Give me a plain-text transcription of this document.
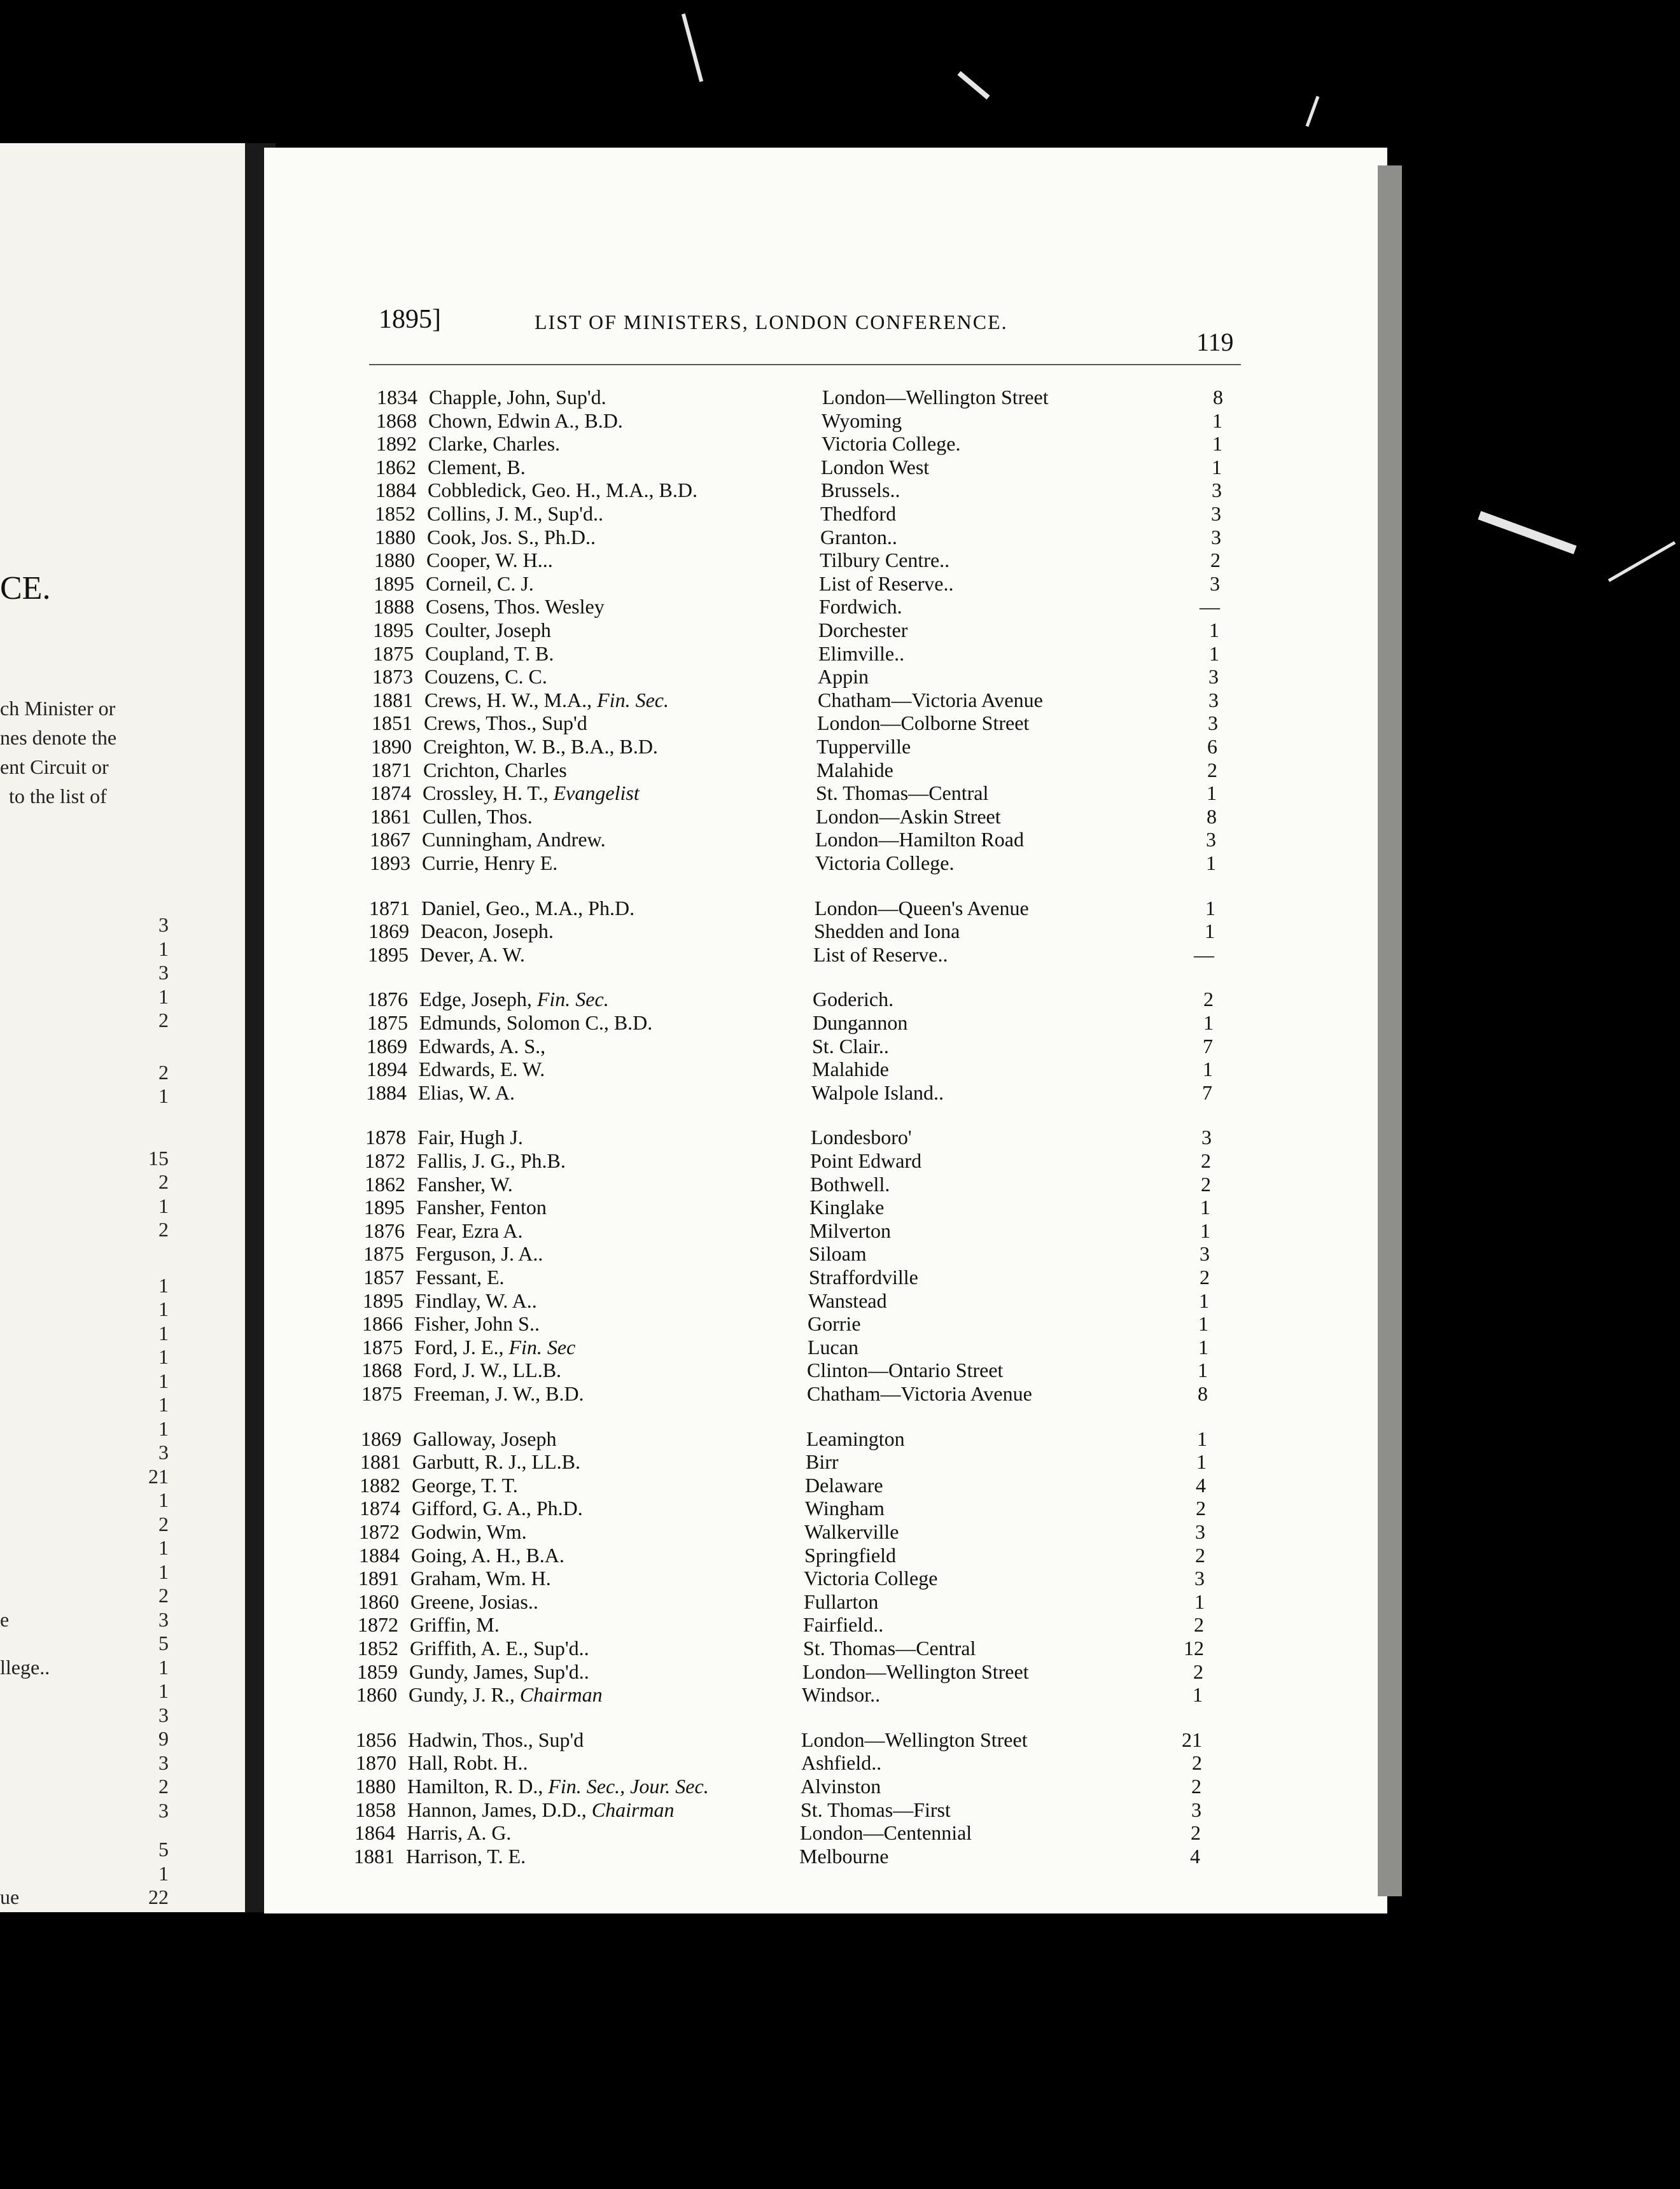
CE.
ch Minister or
nes denote the
ent Circuit or
to the list of
3
1
3
1
2
2
1
15
2
1
2
1
1
1
1
1
1
1
3
21
1
2
1
1
2
3
5
1
1
3
9
3
2
3
5
1
22
e
llege..
ue
1895]	LIST OF MINISTERS, LONDON CONFERENCE.
119
1834 Chapple, John, Sup'd.	London—Wellington Street	8
1868 Chown, Edwin A., B.D.	Wyoming	1
1892 Clarke, Charles.	Victoria College.	1
1862 Clement, B.	London West	1
1884 Cobbledick, Geo. H., M.A., B.D.	Brussels..	3
1852 Collins, J. M., Sup'd..	Thedford	3
1880 Cook, Jos. S., Ph.D..	Granton..	3
1880 Cooper, W. H...	Tilbury Centre..	2
1895 Corneil, C. J.	List of Reserve..	3
1888 Cosens, Thos. Wesley	Fordwich.	—
1895 Coulter, Joseph	Dorchester	1
1875 Coupland, T. B.	Elimville..	1
1873 Couzens, C. C.	Appin	3
1881 Crews, H. W., M.A., Fin. Sec.	Chatham—Victoria Avenue	3
1851 Crews, Thos., Sup'd	London—Colborne Street	3
1890 Creighton, W. B., B.A., B.D.	Tupperville	6
1871 Crichton, Charles	Malahide	2
1874 Crossley, H. T., Evangelist	St. Thomas—Central	1
1861 Cullen, Thos.	London—Askin Street	8
1867 Cunningham, Andrew.	London—Hamilton Road	3
1893 Currie, Henry E.	Victoria College.	1
1871 Daniel, Geo., M.A., Ph.D.	London—Queen's Avenue	1
1869 Deacon, Joseph.	Shedden and Iona	1
1895 Dever, A. W.	List of Reserve..	—
1876 Edge, Joseph, Fin. Sec.	Goderich.	2
1875 Edmunds, Solomon C., B.D.	Dungannon	1
1869 Edwards, A. S.,	St. Clair..	7
1894 Edwards, E. W.	Malahide	1
1884 Elias, W. A.	Walpole Island..	7
1878 Fair, Hugh J.	Londesboro'	3
1872 Fallis, J. G., Ph.B.	Point Edward	2
1862 Fansher, W.	Bothwell.	2
1895 Fansher, Fenton	Kinglake	1
1876 Fear, Ezra A.	Milverton	1
1875 Ferguson, J. A..	Siloam	3
1857 Fessant, E.	Straffordville	2
1895 Findlay, W. A..	Wanstead	1
1866 Fisher, John S..	Gorrie	1
1875 Ford, J. E., Fin. Sec	Lucan	1
1868 Ford, J. W., LL.B.	Clinton—Ontario Street	1
1875 Freeman, J. W., B.D.	Chatham—Victoria Avenue	8
1869 Galloway, Joseph	Leamington	1
1881 Garbutt, R. J., LL.B.	Birr	1
1882 George, T. T.	Delaware	4
1874 Gifford, G. A., Ph.D.	Wingham	2
1872 Godwin, Wm.	Walkerville	3
1884 Going, A. H., B.A.	Springfield	2
1891 Graham, Wm. H.	Victoria College	3
1860 Greene, Josias..	Fullarton	1
1872 Griffin, M.	Fairfield..	2
1852 Griffith, A. E., Sup'd..	St. Thomas—Central	12
1859 Gundy, James, Sup'd..	London—Wellington Street	2
1860 Gundy, J. R., Chairman	Windsor..	1
1856 Hadwin, Thos., Sup'd	London—Wellington Street	21
1870 Hall, Robt. H..	Ashfield..	2
1880 Hamilton, R. D., Fin. Sec., Jour. Sec.	Alvinston	2
1858 Hannon, James, D.D., Chairman	St. Thomas—First	3
1864 Harris, A. G.	London—Centennial	2
1881 Harrison, T. E.	Melbourne	4
